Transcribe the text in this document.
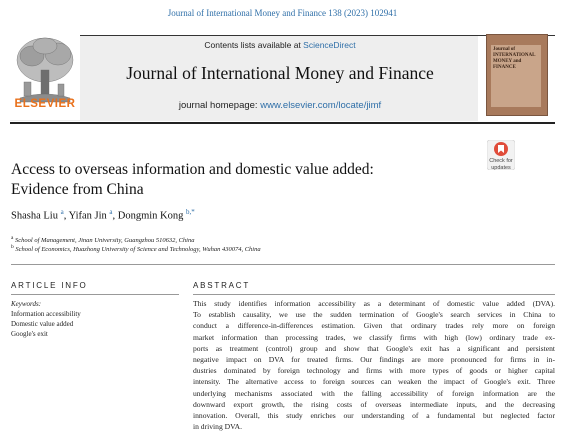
Journal of International Money and Finance 138 (2023) 102941
ELSEVIER
Contents lists available at ScienceDirect
Journal of International Money and Finance
journal homepage: www.elsevier.com/locate/jimf
Journal of INTERNATIONAL MONEY and FINANCE
Check for
updates
Access to overseas information and domestic value added:
Evidence from China
Shasha Liu $^a$, Yifan Jin $^a$, Dongmin Kong $^{b,*}$
$^a$ School of Management, Jinan University, Guangzhou 510632, China
$^b$ School of Economics, Huazhong University of Science and Technology, Wuhan 430074, China
ARTICLE INFO	ABSTRACT
Keywords:
Information accessibility
Domestic value added
Google's exit
This study identifies information accessibility as a determinant of domestic value added (DVA).
To establish causality, we use the sudden termination of Google's search services in China to
conduct a difference-in-differences estimation. Given that ordinary trades rely more on foreign
market information than processing trades, we classify firms with high (low) ordinary trade ex-
ports as treatment (control) group and show that Google's exit has a significant and persistent
negative impact on DVA for treated firms. Our findings are more pronounced for firms in in-
dustries dominated by foreign technology and firms with more types of goods or higher capital
intensity. The alternative access to foreign sources can weaken the impact of Google's exit. Three
underlying mechanisms associated with the falling accessibility of foreign information are the
downward export growth, the rising costs of overseas intermediate inputs, and the decreasing
innovation. Overall, this study enriches our understanding of a fundamental but neglected factor
in driving DVA.
